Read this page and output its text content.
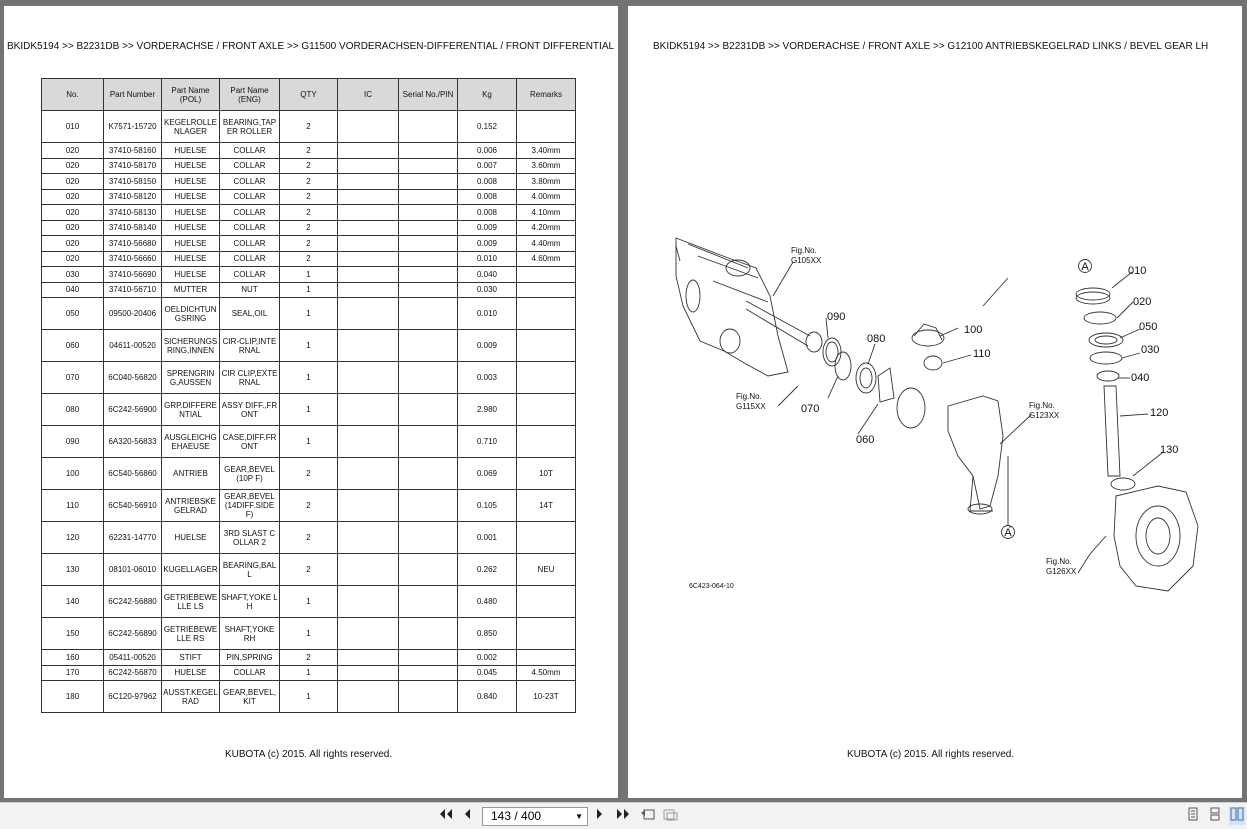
BKIDK5194 >> B2231DB >> VORDERACHSE / FRONT AXLE >> G11500 VORDERACHSEN-DIFFERENTIAL / FRONT DIFFERENTIAL
No.	Part Number	Part Name (POL)	Part Name (ENG)	QTY	IC	Serial No./PIN	Kg	Remarks
010	K7571-15720	KEGELROLLENLAGER	BEARING,TAPER ROLLER	2			0.152	
020	37410-58160	HUELSE	COLLAR	2			0.006	3.40mm
020	37410-58170	HUELSE	COLLAR	2			0.007	3.60mm
020	37410-58150	HUELSE	COLLAR	2			0.008	3.80mm
020	37410-58120	HUELSE	COLLAR	2			0.008	4.00mm
020	37410-58130	HUELSE	COLLAR	2			0.008	4.10mm
020	37410-58140	HUELSE	COLLAR	2			0.009	4.20mm
020	37410-56680	HUELSE	COLLAR	2			0.009	4.40mm
020	37410-56660	HUELSE	COLLAR	2			0.010	4.60mm
030	37410-56690	HUELSE	COLLAR	1			0.040	
040	37410-56710	MUTTER	NUT	1			0.030	
050	09500-20406	OELDICHTUNGSRING	SEAL,OIL	1			0.010	
060	04611-00520	SICHERUNGSRING,INNEN	CIR-CLIP,INTERNAL	1			0.009	
070	6C040-56820	SPRENGRING,AUSSEN	CIR CLIP,EXTERNAL	1			0.003	
080	6C242-56900	GRP.DIFFERENTIAL	ASSY DIFF.,FRONT	1			2.980	
090	6A320-56833	AUSGLEICHGEHAEUSE	CASE,DIFF.FRONT	1			0.710	
100	6C540-56860	ANTRIEB	GEAR,BEVEL (10P F)	2			0.069	10T
110	6C540-56910	ANTRIEBSKEGELRAD	GEAR,BEVEL (14DIFF.SIDE F)	2			0.105	14T
120	62231-14770	HUELSE	3RD SLAST COLLAR 2	2			0.001	
130	08101-06010	KUGELLAGER	BEARING,BALL	2			0.262	NEU
140	6C242-56880	GETRIEBEWELLE LS	SHAFT,YOKE LH	1			0.480	
150	6C242-56890	GETRIEBEWELLE RS	SHAFT,YOKE RH	1			0.850	
160	05411-00520	STIFT	PIN,SPRING	2			0.002	
170	6C242-56870	HUELSE	COLLAR	1			0.045	4.50mm
180	6C120-97962	AUSST.KEGELRAD	GEAR,BEVEL, KIT	1			0.840	10-23T
KUBOTA (c) 2015. All rights reserved.
BKIDK5194 >> B2231DB >> VORDERACHSE / FRONT AXLE >> G12100 ANTRIEBSKEGELRAD LINKS / BEVEL GEAR LH
A
A
010
020
050
030
040
120
130
090
080
100
110
070
060
Fig.No.
G105XX
Fig.No.
G115XX	Fig.No.
G123XX
Fig.No.
G126XX
6C423-064-10
KUBOTA (c) 2015. All rights reserved.
143 / 400	▼
